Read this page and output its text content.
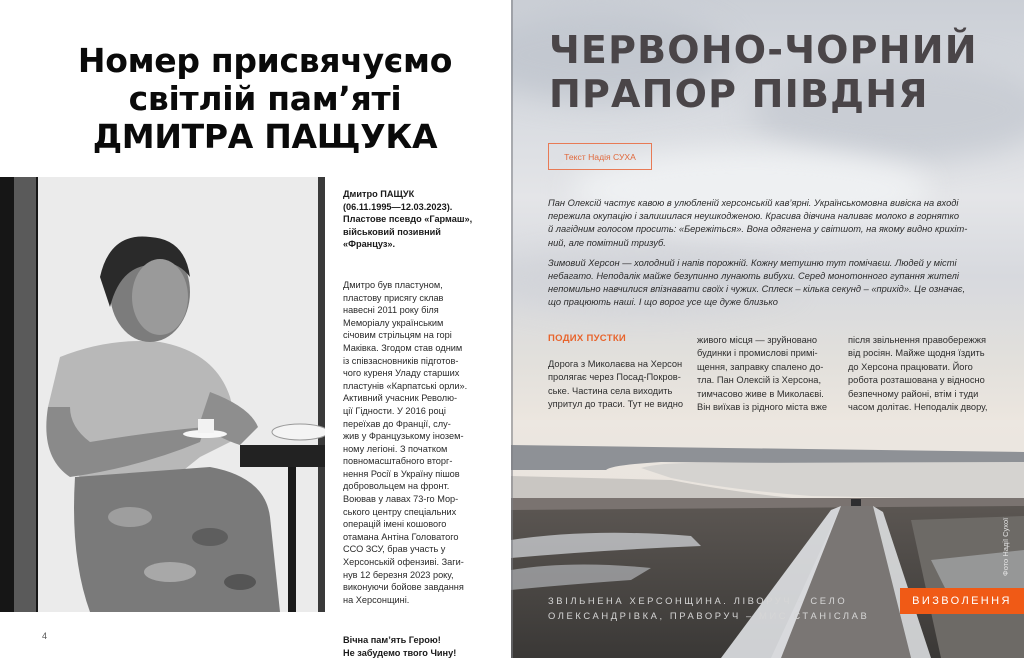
Номер присвячуємо
світлій пам’яті
ДМИТРА ПАЩУКА

Дмитро ПАЩУК
(06.11.1995—12.03.2023).
Пластове псевдо «Гармаш»,
військовий позивний
«Француз».

Дмитро був пластуном,
пластову присягу склав
навесні 2011 року біля
Меморіалу українським
січовим стрільцям на горі
Маківка. Згодом став одним
із співзасновників підготов-
чого куреня Уладу старших
пластунів «Карпатські орли».
Активний учасник Револю-
ції Гідности. У 2016 році
переїхав до Франції, слу-
жив у Французькому інозем-
ному легіоні. З початком
повномасштабного вторг-
нення Росії в Україну пішов
добровольцем на фронт.
Воював у лавах 73-го Мор-
ського центру спеціальних
операцій імені кошового
отамана Антіна Головатого
ССО ЗСУ, брав участь у
Херсонській офензиві. Заги-
нув 12 березня 2023 року,
виконуючи бойове завдання
на Херсонщині.

Вічна пам’ять Герою!
Не забудемо твого Чину!

4
ЧЕРВОНО-ЧОРНИЙ
ПРАПОР ПІВДНЯ
Текст Надія СУХА

Пан Олексій частує кавою в улюбленій херсонській кав’ярні. Українськомовна вивіска на вході
пережила окупацію і залишилася неушкодженою. Красива дівчина наливає молоко в горнятко
й лагідним голосом просить: «Бережіться». Вона одягнена у світшот, на якому видно крихіт-
ний, але помітний тризуб.

Зимовий Херсон — холодний і напів порожній. Кожну метушню тут помічаєш. Людей у місті
небагато. Неподалік майже безупинно лунають вибухи. Серед монотонного гупання жителі
непомильно навчилися впізнавати своїх і чужих. Сплеск – кілька секунд – «прихід». Це означає,
що працюють наші. І що ворог усе ще дуже близько

ПОДИХ ПУСТКИ
Дорога з Миколаєва на Херсон
пролягає через Посад-Покров-
ське. Частина села виходить
упритул до траси. Тут не видно
живого місця — зруйновано
будинки і промислові примі-
щення, заправку спалено до-
тла. Пан Олексій із Херсона,
тимчасово живе в Миколаєві.
Він виїхав із рідного міста вже
після звільнення правобережжя
від росіян. Майже щодня їздить
до Херсона працювати. Його
робота розташована у відносно
безпечному районі, втім і туди
часом долітає. Неподалік двору,
Фото Надії Сухої
ЗВІЛЬНЕНА ХЕРСОНЩИНА. ЛІВОРУЧ – СЕЛО
ОЛЕКСАНДРІВКА, ПРАВОРУЧ – МИС СТАНІСЛАВ
ВИЗВОЛЕННЯ
